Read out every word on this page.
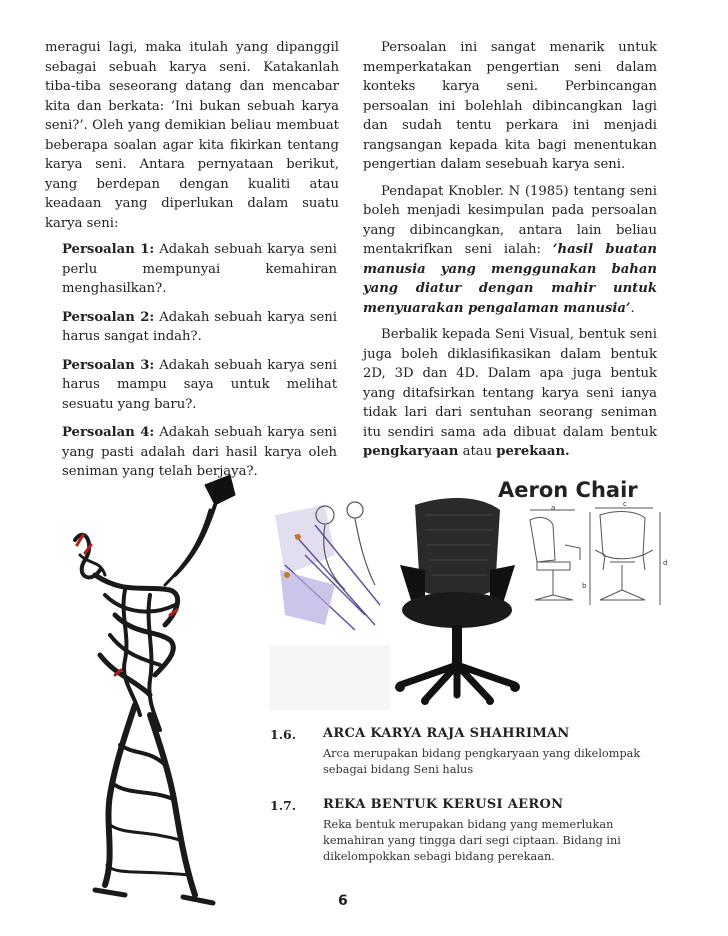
meragui lagi, maka itulah yang dipanggil sebagai sebuah karya seni. Katakanlah tiba-tiba seseorang datang dan mencabar kita dan berkata: ‘Ini bukan sebuah karya seni?’. Oleh yang demikian beliau membuat beberapa soalan agar kita fikirkan tentang karya seni. Antara pernyataan berikut, yang berdepan dengan kualiti atau keadaan yang diperlukan dalam suatu karya seni:

Persoalan 1: Adakah sebuah karya seni perlu mempunyai kemahiran menghasilkan?.

Persoalan 2: Adakah sebuah karya seni harus sangat indah?.

Persoalan 3: Adakah sebuah karya seni harus mampu saya untuk melihat sesuatu yang baru?.

Persoalan 4: Adakah sebuah karya seni yang pasti adalah dari hasil karya oleh seniman yang telah berjaya?.

Persoalan ini sangat menarik untuk memperkatakan pengertian seni dalam konteks karya seni. Perbincangan persoalan ini bolehlah dibincangkan lagi dan sudah tentu perkara ini menjadi rangsangan kepada kita bagi menentukan pengertian dalam sesebuah karya seni.

Pendapat Knobler. N (1985) tentang seni boleh menjadi kesimpulan pada persoalan yang dibincangkan, antara lain beliau mentakrifkan seni ialah: ‘hasil buatan manusia yang menggunakan bahan yang diatur dengan mahir untuk menyuarakan pengalaman manusia’.

Berbalik kepada Seni Visual, bentuk seni juga boleh diklasifikasikan dalam bentuk 2D, 3D dan 4D. Dalam apa juga bentuk yang ditafsirkan tentang karya seni ianya tidak lari dari sentuhan seorang seniman itu sendiri sama ada dibuat dalam bentuk pengkaryaan atau perekaan.

Aeron Chair
a
b
c
d
1.6. ARCA KARYA RAJA SHAHRIMAN
Arca merupakan bidang pengkaryaan yang dikelompak sebagai bidang Seni halus
1.7. REKA BENTUK KERUSI AERON
Reka bentuk merupakan bidang yang memerlukan kemahiran yang tingga dari segi ciptaan. Bidang ini dikelompokkan sebagi bidang perekaan.
6
